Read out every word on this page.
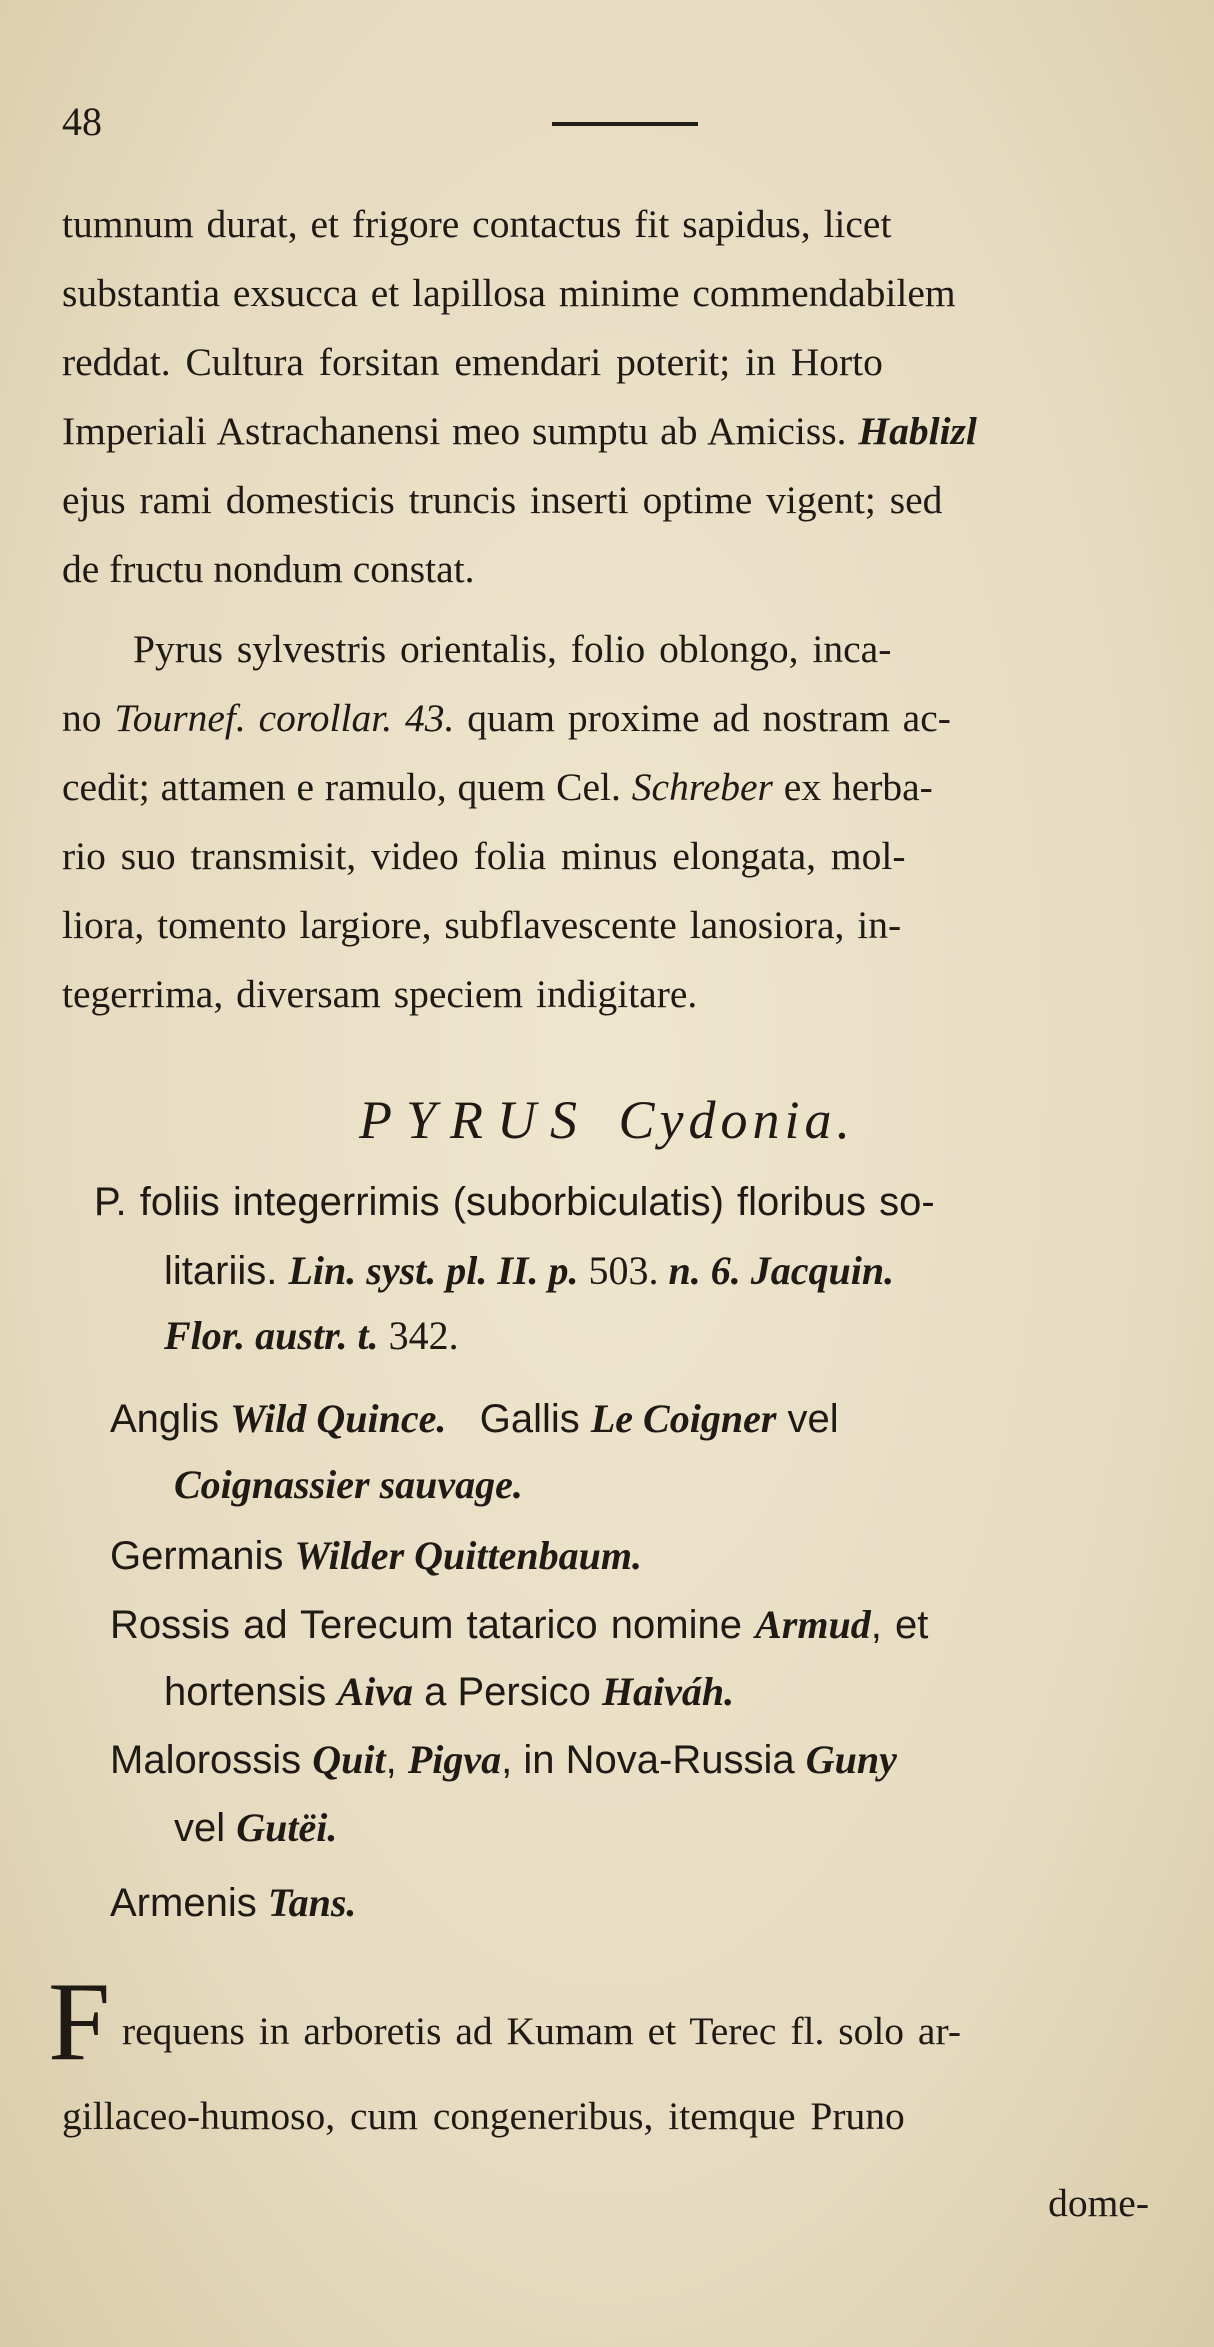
48
tumnum durat, et frigore contactus fit sapidus, licet
substantia exsucca et lapillosa minime commendabilem
reddat. Cultura forsitan emendari poterit; in Horto
Imperiali Astrachanensi meo sumptu ab Amiciss. Hablizl
ejus rami domesticis truncis inserti optime vigent; sed
de fructu nondum constat.
Pyrus sylvestris orientalis, folio oblongo, inca-
no Tournef. corollar. 43. quam proxime ad nostram ac-
cedit; attamen e ramulo, quem Cel. Schreber ex herba-
rio suo transmisit, video folia minus elongata, mol-
liora, tomento largiore, subflavescente lanosiora, in-
tegerrima, diversam speciem indigitare.
PYRUS Cydonia.
P. foliis integerrimis (suborbiculatis) floribus so-
litariis. Lin. syst. pl. II. p. 503. n. 6. Jacquin.
Flor. austr. t. 342.
Anglis Wild Quince.   Gallis Le Coigner vel
Coignassier sauvage.
Germanis Wilder Quittenbaum.
Rossis ad Terecum tatarico nomine Armud, et
hortensis Aiva a Persico Haiváh.
Malorossis Quit, Pigva, in Nova-Russia Guny
vel Gutëi.
Armenis Tans.
F requens in arboretis ad Kumam et Terec fl. solo ar-
gillaceo-humoso, cum congeneribus, itemque Pruno
dome-
